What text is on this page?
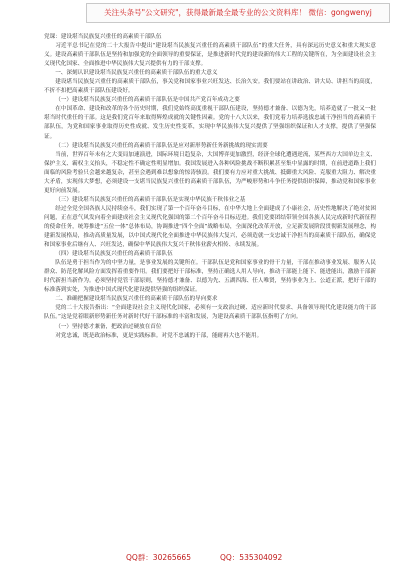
关注头条号"公文研究"，获得最新最全最专业的公文资料库！ 微信：gongwenyj

党课：建设堪当民族复兴重任的高素质干部队伍

习近平总书记在党的二十大报告中提出“建设堪当民族复兴重任的高素质干部队伍”的重大任务，具有深远历史意义和重大现实意义。建设高素质干部队伍是坚持和加强党的全面领导的重要保证，是推进新时代党的建设新的伟大工程的关键所在，为全面建设社会主义现代化国家、全面推进中华民族伟大复兴提供有力的干部支撑。

一、深刻认识建设堪当民族复兴重任的高素质干部队伍的重大意义

建设堪当民族复兴重任的高素质干部队伍，事关党和国家事业兴旺发达、长治久安。我们要站在讲政治、讲大局、讲担当的高度，不折不扣把高素质干部队伍建设好。

（一）建设堪当民族复兴重任的高素质干部队伍是中国共产党百年成功之要

在中国革命、建设和改革的各个历史时期，我们党始终高度重视干部队伍建设，坚持德才兼备、以德为先，培养造就了一批又一批堪当时代重任的干部。这是我们党百年来取得辉煌成就的关键性因素。党的十八大以来，我们党着力培养选拔忠诚干净担当的高素质干部队伍，为党和国家事业取得历史性成就、发生历史性变革，实现中华民族伟大复兴提供了坚强组织保证和人才支撑，提供了坚强保证。

（二）建设堪当民族复兴重任的高素质干部队伍是应对新形势新任务新挑战的现实需要

当前，世界百年未有之大变局加速演进，国际环境日趋复杂，大国博弈更加激烈，经济全球化遭遇逆流，某些西方大国单边主义、保护主义、霸权主义抬头，不稳定性不确定性明显增加。我国发展进入各种风险挑战不断积累甚至集中显露的时期，在前进道路上我们面临的风险考验只会越来越复杂，甚至会遇到难以想象的惊涛骇浪。我们要有力应对重大挑战、抵御重大风险、克服重大阻力、解决重大矛盾，实现伟大梦想，必须建设一支堪当民族复兴重任的高素质干部队伍，为严峻形势和斗争任务提供组织保障，推动党和国家事业更好向前发展。

（三）建设堪当民族复兴重任的高素质干部队伍是实现中华民族千秋伟业之基

经过全党全国各族人民持续奋斗，我们实现了第一个百年奋斗目标，在中华大地上全面建成了小康社会，历史性地解决了绝对贫困问题，正在意气风发向着全面建成社会主义现代化强国的第二个百年奋斗目标迈进。我们党要团结带领全国各族人民完成新时代新征程的使命任务，统筹推进“五位一体”总体布局，协调推进“四个全面”战略布局，全面深化改革开放，立足新发展阶段贯彻新发展理念，构建新发展格局，推动高质量发展，以中国式现代化全面推进中华民族伟大复兴，必须造就一支忠诚干净担当的高素质干部队伍，确保党和国家事业后继有人、兴旺发达，确保中华民族伟大复兴千秋伟业薪火相传、永续发展。

（四）建设堪当民族复兴重任的高素质干部队伍

队伍是勇于担当作为的中坚力量，是事业发展的关键所在。干部队伍是党和国家事业的骨干力量，干部在推动事业发展、服务人民群众、防范化解风险方面发挥着重要作用。我们要把好干部标准，坚持正确选人用人导向，推动干部能上能下、能进能出，激励干部新时代新担当新作为。必须坚持党管干部原则，坚持德才兼备、以德为先、五湖四海、任人唯贤，坚持事业为上、公道正派，把好干部的标准落到实处，为推进中国式现代化建设提供坚强的组织保证。

二、准确把握建设堪当民族复兴重任的高素质干部队伍的导向要求

党的二十大报告指出：“全面建设社会主义现代化国家，必须有一支政治过硬、适应新时代要求、具备领导现代化建设能力的干部队伍。”这是党着眼新形势新任务对新时代好干部标准的丰富和发展，为建设高素质干部队伍指明了方向。

（一）坚持德才兼备，把政治过硬放在首位

对党忠诚，既是政治标准，更是实践标准。对党不忠诚的干部，能耐再大也不能用。

QQ群：30265665	QQ：535304092
